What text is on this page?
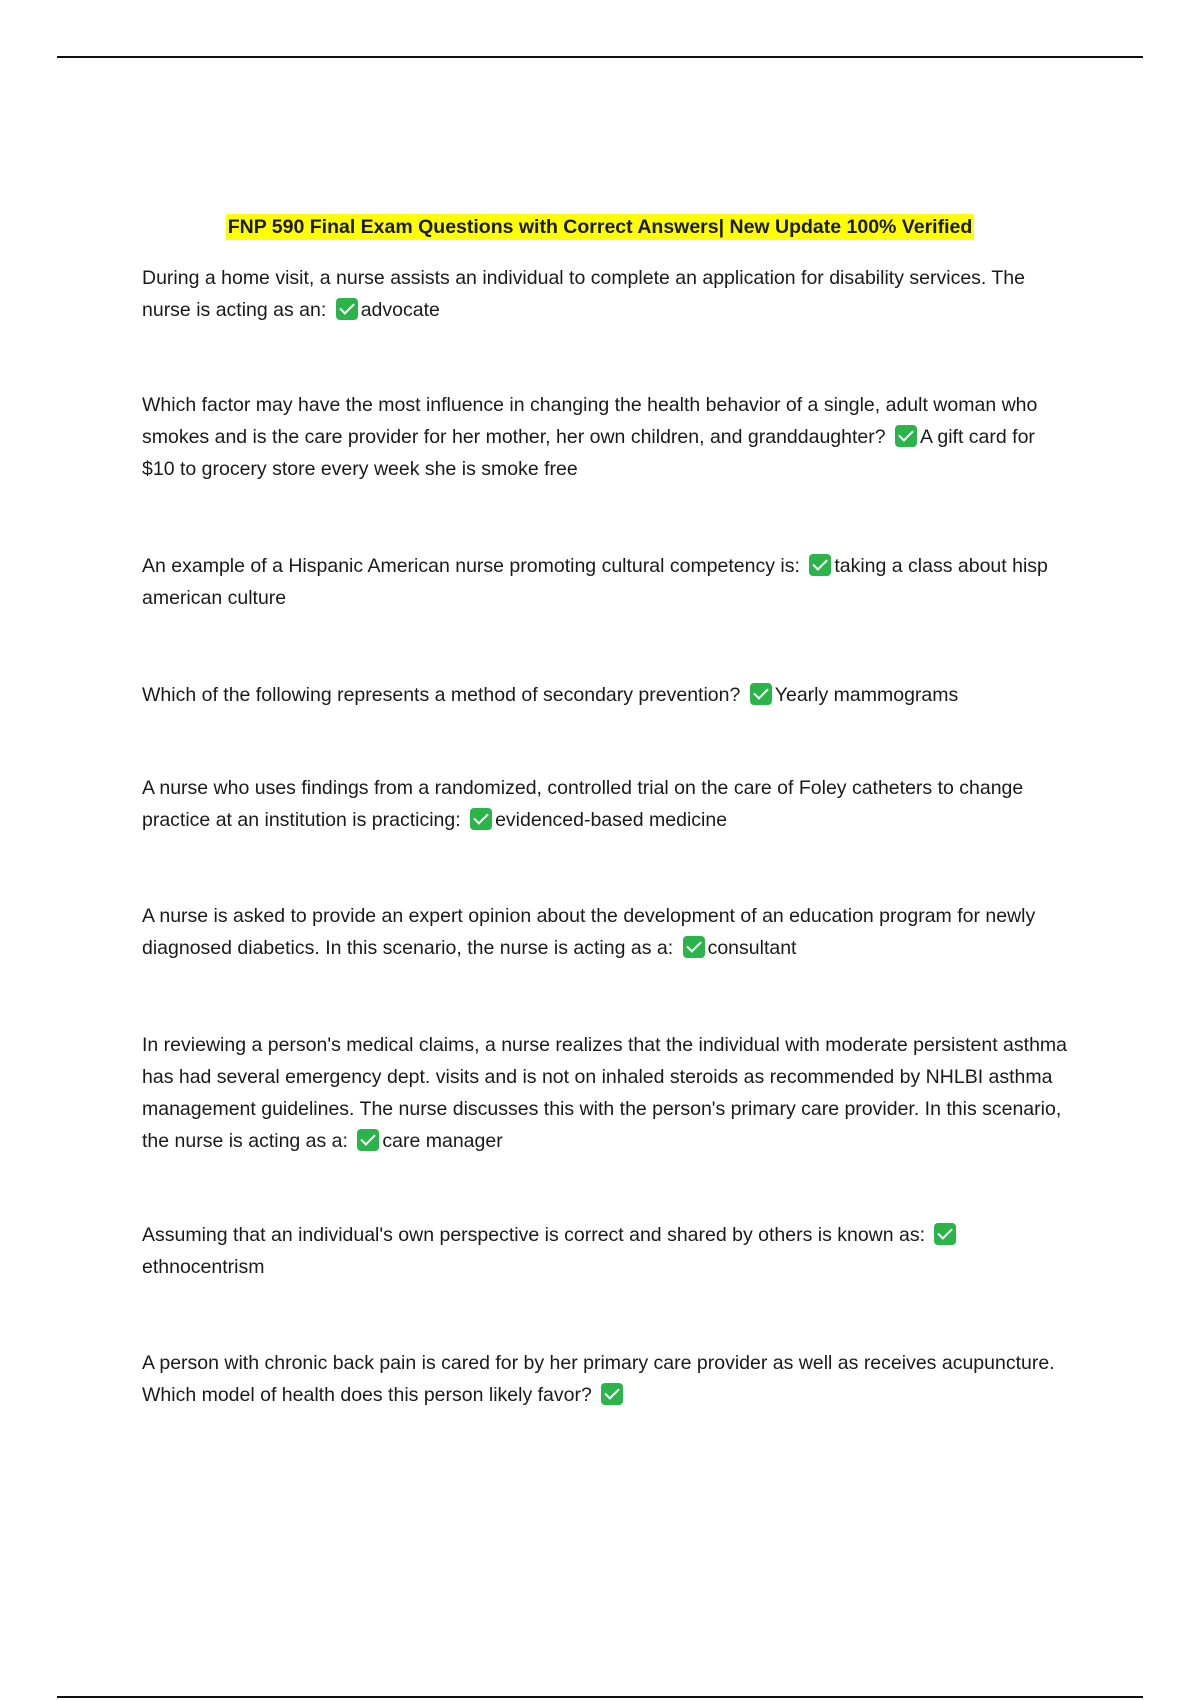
FNP 590 Final Exam Questions with Correct Answers| New Update 100% Verified

During a home visit, a nurse assists an individual to complete an application for disability services. The nurse is acting as an: advocate

Which factor may have the most influence in changing the health behavior of a single, adult woman who smokes and is the care provider for her mother, her own children, and granddaughter? A gift card for $10 to grocery store every week she is smoke free

An example of a Hispanic American nurse promoting cultural competency is: taking a class about hisp american culture

Which of the following represents a method of secondary prevention? Yearly mammograms

A nurse who uses findings from a randomized, controlled trial on the care of Foley catheters to change practice at an institution is practicing: evidenced-based medicine

A nurse is asked to provide an expert opinion about the development of an education program for newly diagnosed diabetics. In this scenario, the nurse is acting as a: consultant

In reviewing a person's medical claims, a nurse realizes that the individual with moderate persistent asthma has had several emergency dept. visits and is not on inhaled steroids as recommended by NHLBI asthma management guidelines. The nurse discusses this with the person's primary care provider. In this scenario, the nurse is acting as a: care manager

Assuming that an individual's own perspective is correct and shared by others is known as: ethnocentrism

A person with chronic back pain is cared for by her primary care provider as well as receives acupuncture. Which model of health does this person likely favor?
